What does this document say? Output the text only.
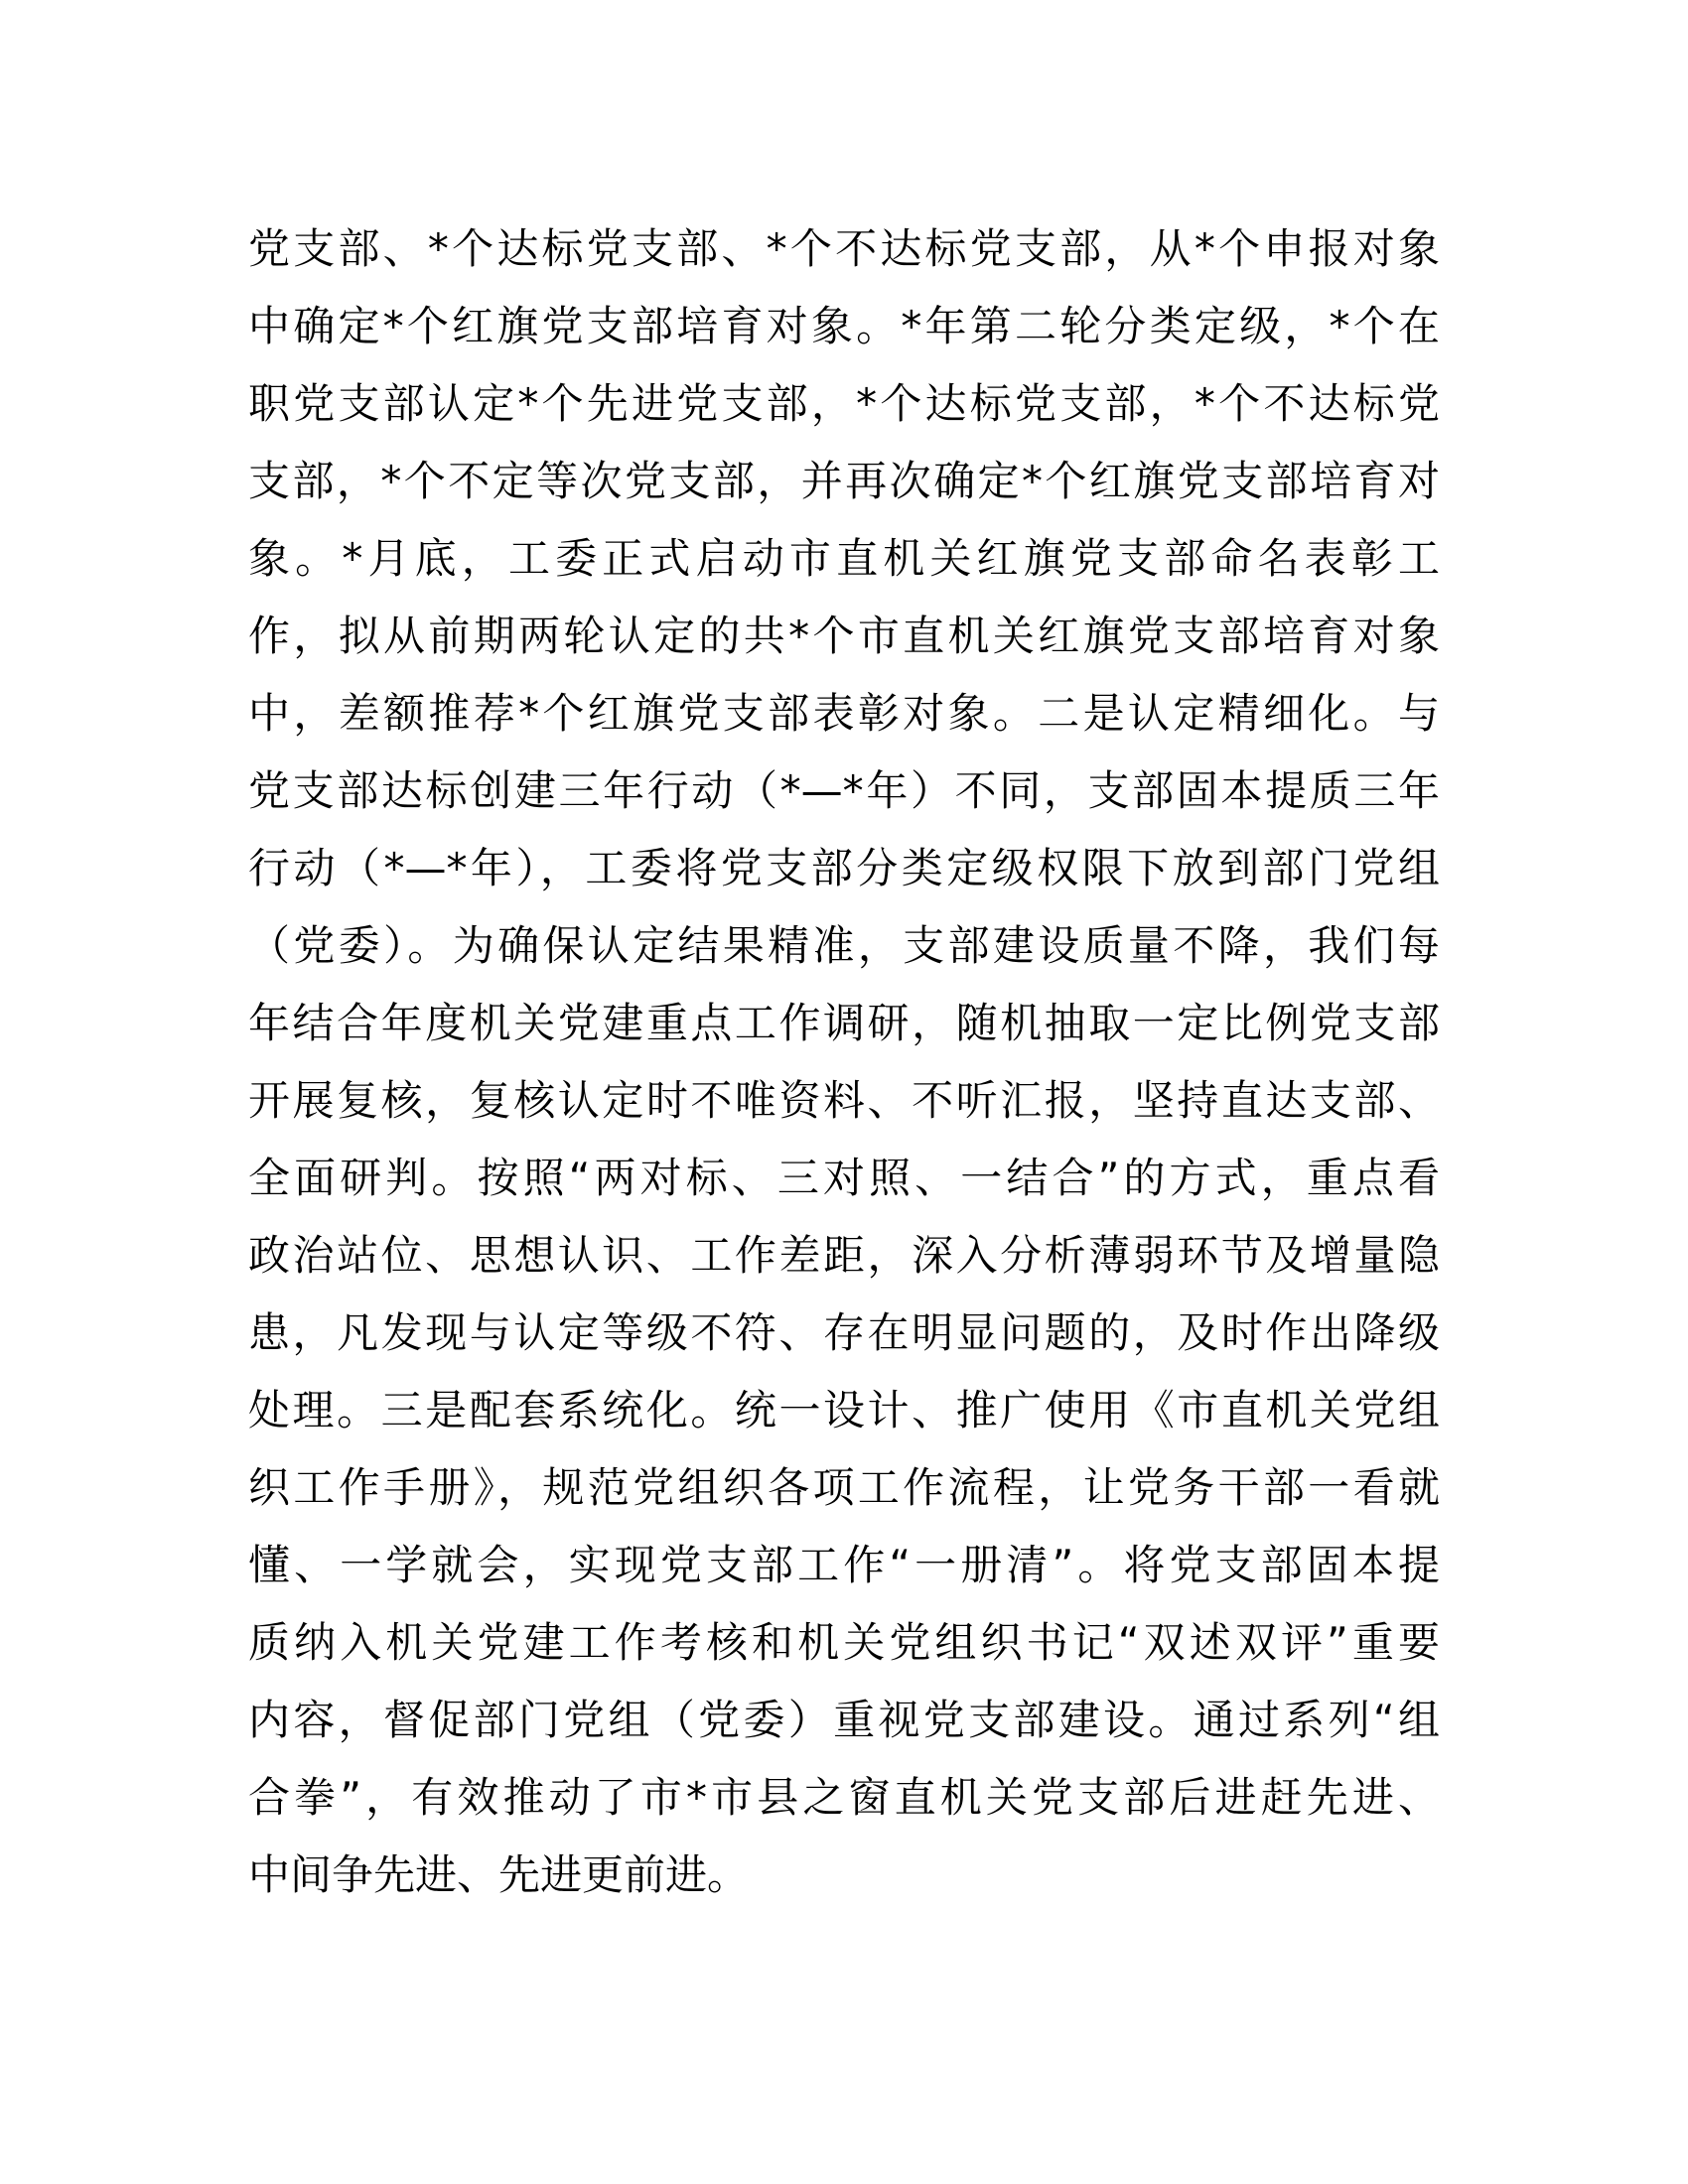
党支部、*个达标党支部、*个不达标党支部，从*个申报对象
中确定*个红旗党支部培育对象。*年第二轮分类定级，*个在
职党支部认定*个先进党支部，*个达标党支部，*个不达标党
支部，*个不定等次党支部，并再次确定*个红旗党支部培育对
象。*月底，工委正式启动市直机关红旗党支部命名表彰工
作，拟从前期两轮认定的共*个市直机关红旗党支部培育对象
中，差额推荐*个红旗党支部表彰对象。二是认定精细化。与
党支部达标创建三年行动（*—*年）不同，支部固本提质三年
行动（*—*年），工委将党支部分类定级权限下放到部门党组
（党委）。为确保认定结果精准，支部建设质量不降，我们每
年结合年度机关党建重点工作调研，随机抽取一定比例党支部
开展复核，复核认定时不唯资料、不听汇报，坚持直达支部、
全面研判。按照“两对标、三对照、一结合”的方式，重点看
政治站位、思想认识、工作差距，深入分析薄弱环节及增量隐
患，凡发现与认定等级不符、存在明显问题的，及时作出降级
处理。三是配套系统化。统一设计、推广使用《市直机关党组
织工作手册》，规范党组织各项工作流程，让党务干部一看就
懂、一学就会，实现党支部工作“一册清”。将党支部固本提
质纳入机关党建工作考核和机关党组织书记“双述双评”重要
内容，督促部门党组（党委）重视党支部建设。通过系列“组
合拳”，有效推动了市*市县之窗直机关党支部后进赶先进、
中间争先进、先进更前进。
